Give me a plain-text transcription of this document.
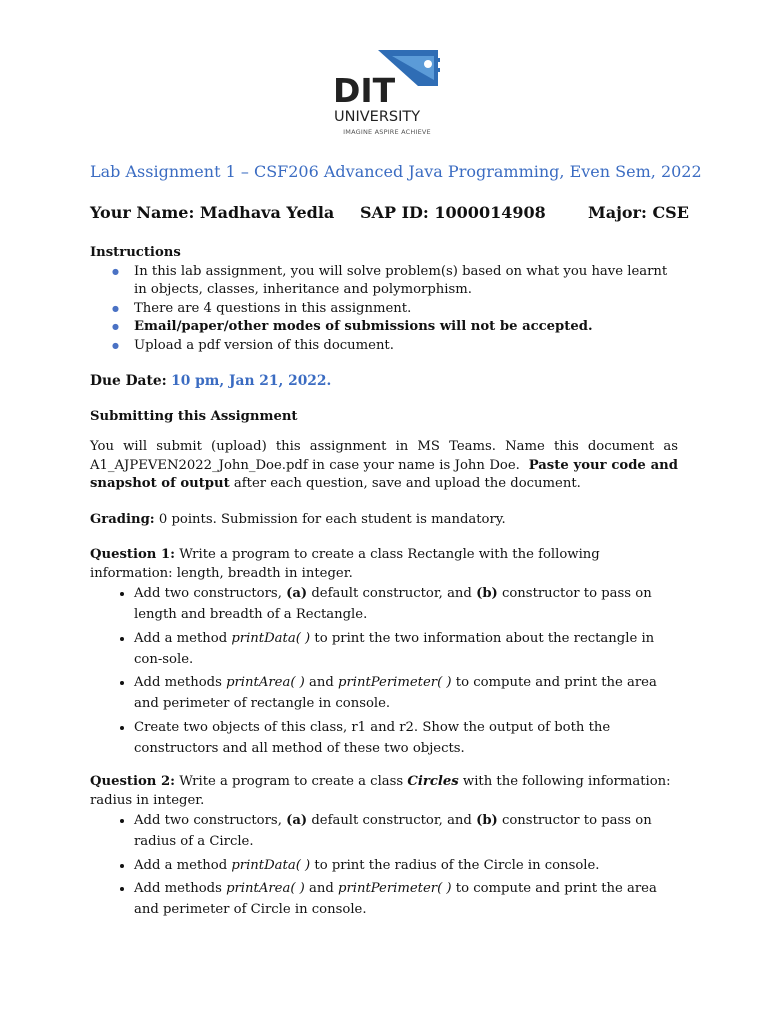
DIT
UNIVERSITY
IMAGINE ASPIRE ACHIEVE
Lab Assignment 1 – CSF206 Advanced Java Programming, Even Sem, 2022
Your Name: Madhava Yedla SAP ID: 1000014908	Major: CSE

Instructions

● In this lab assignment, you will solve problem(s) based on what you have learnt in objects, classes, inheritance and polymorphism.
● There are 4 questions in this assignment.
● Email/paper/other modes of submissions will not be accepted.
● Upload a pdf version of this document.

Due Date: 10 pm, Jan 21, 2022.

Submitting this Assignment

You will submit (upload) this assignment in MS Teams. Name this document as A1_AJPEVEN2022_John_Doe.pdf in case your name is John Doe. Paste your code and snapshot of output after each question, save and upload the document.

Grading: 0 points. Submission for each student is mandatory.

Question 1: Write a program to create a class Rectangle with the following information: length, breadth in integer.

• Add two constructors, (a) default constructor, and (b) constructor to pass on length and breadth of a Rectangle.
• Add a method printData( ) to print the two information about the rectangle in con-sole.
• Add methods printArea( ) and printPerimeter( ) to compute and print the area and perimeter of rectangle in console.
• Create two objects of this class, r1 and r2. Show the output of both the constructors and all method of these two objects.

Question 2: Write a program to create a class Circles with the following information: radius in integer.

• Add two constructors, (a) default constructor, and (b) constructor to pass on radius of a Circle.
• Add a method printData( ) to print the radius of the Circle in console.
• Add methods printArea( ) and printPerimeter( ) to compute and print the area and perimeter of Circle in console.
